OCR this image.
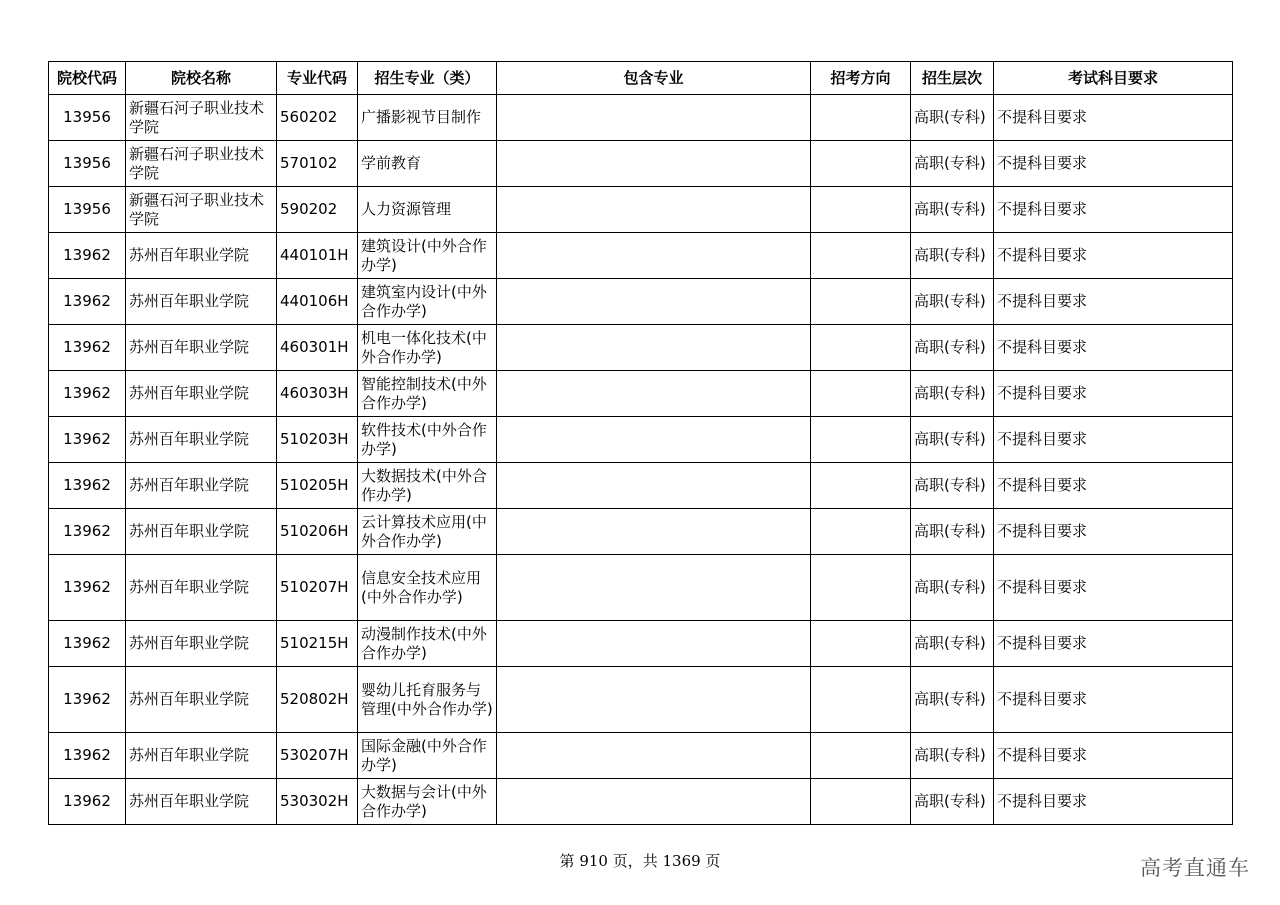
院校代码	院校名称	专业代码	招生专业（类）	包含专业	招考方向	招生层次	考试科目要求
13956	新疆石河子职业技术学院	560202	广播影视节目制作			高职(专科)	不提科目要求
13956	新疆石河子职业技术学院	570102	学前教育			高职(专科)	不提科目要求
13956	新疆石河子职业技术学院	590202	人力资源管理			高职(专科)	不提科目要求
13962	苏州百年职业学院	440101H	建筑设计(中外合作办学)			高职(专科)	不提科目要求
13962	苏州百年职业学院	440106H	建筑室内设计(中外合作办学)			高职(专科)	不提科目要求
13962	苏州百年职业学院	460301H	机电一体化技术(中外合作办学)			高职(专科)	不提科目要求
13962	苏州百年职业学院	460303H	智能控制技术(中外合作办学)			高职(专科)	不提科目要求
13962	苏州百年职业学院	510203H	软件技术(中外合作办学)			高职(专科)	不提科目要求
13962	苏州百年职业学院	510205H	大数据技术(中外合作办学)			高职(专科)	不提科目要求
13962	苏州百年职业学院	510206H	云计算技术应用(中外合作办学)			高职(专科)	不提科目要求
13962	苏州百年职业学院	510207H	信息安全技术应用(中外合作办学)			高职(专科)	不提科目要求
13962	苏州百年职业学院	510215H	动漫制作技术(中外合作办学)			高职(专科)	不提科目要求
13962	苏州百年职业学院	520802H	婴幼儿托育服务与管理(中外合作办学)			高职(专科)	不提科目要求
13962	苏州百年职业学院	530207H	国际金融(中外合作办学)			高职(专科)	不提科目要求
13962	苏州百年职业学院	530302H	大数据与会计(中外合作办学)			高职(专科)	不提科目要求
第 910 页，共 1369 页	高考直通车
